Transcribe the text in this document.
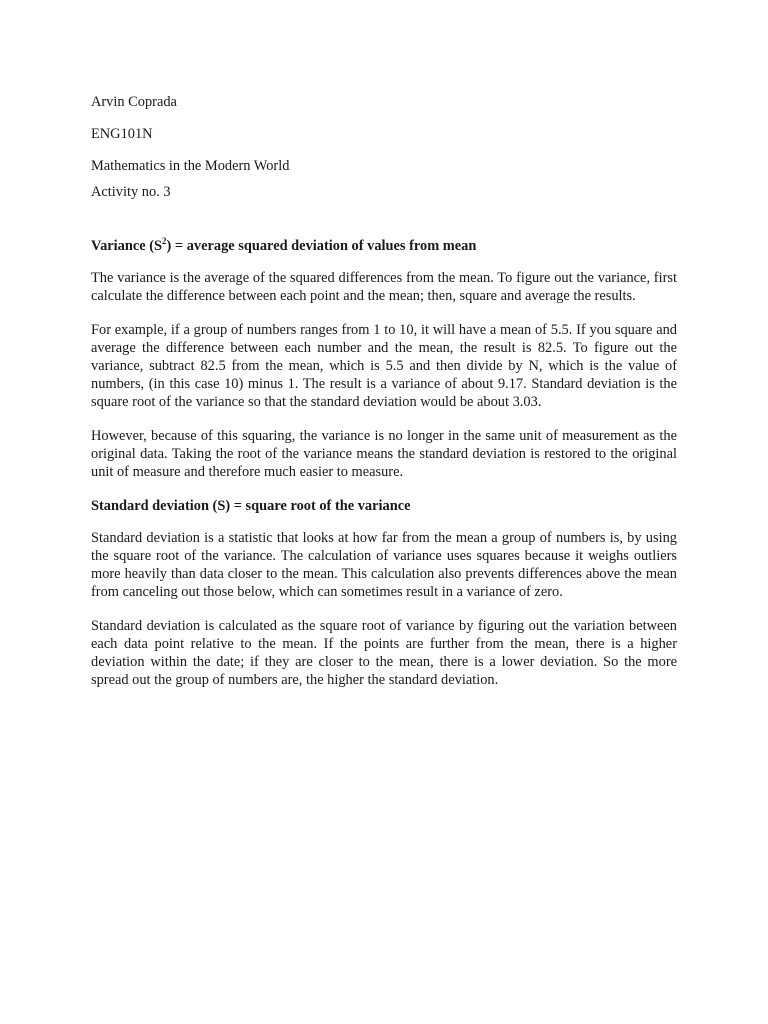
Arvin Coprada
ENG101N
Mathematics in the Modern World
Activity no. 3
Variance $(S^2)$ = average squared deviation of values from mean

The variance is the average of the squared differences from the mean. To figure out the variance, first calculate the difference between each point and the mean; then, square and average the results.

For example, if a group of numbers ranges from 1 to 10, it will have a mean of 5.5. If you square and average the difference between each number and the mean, the result is 82.5. To figure out the variance, subtract 82.5 from the mean, which is 5.5 and then divide by N, which is the value of numbers, (in this case 10) minus 1. The result is a variance of about 9.17. Standard deviation is the square root of the variance so that the standard deviation would be about 3.03.

However, because of this squaring, the variance is no longer in the same unit of measurement as the original data. Taking the root of the variance means the standard deviation is restored to the original unit of measure and therefore much easier to measure.

Standard deviation (S) = square root of the variance

Standard deviation is a statistic that looks at how far from the mean a group of numbers is, by using the square root of the variance. The calculation of variance uses squares because it weighs outliers more heavily than data closer to the mean. This calculation also prevents differences above the mean from canceling out those below, which can sometimes result in a variance of zero.

Standard deviation is calculated as the square root of variance by figuring out the variation between each data point relative to the mean. If the points are further from the mean, there is a higher deviation within the date; if they are closer to the mean, there is a lower deviation. So the more spread out the group of numbers are, the higher the standard deviation.
